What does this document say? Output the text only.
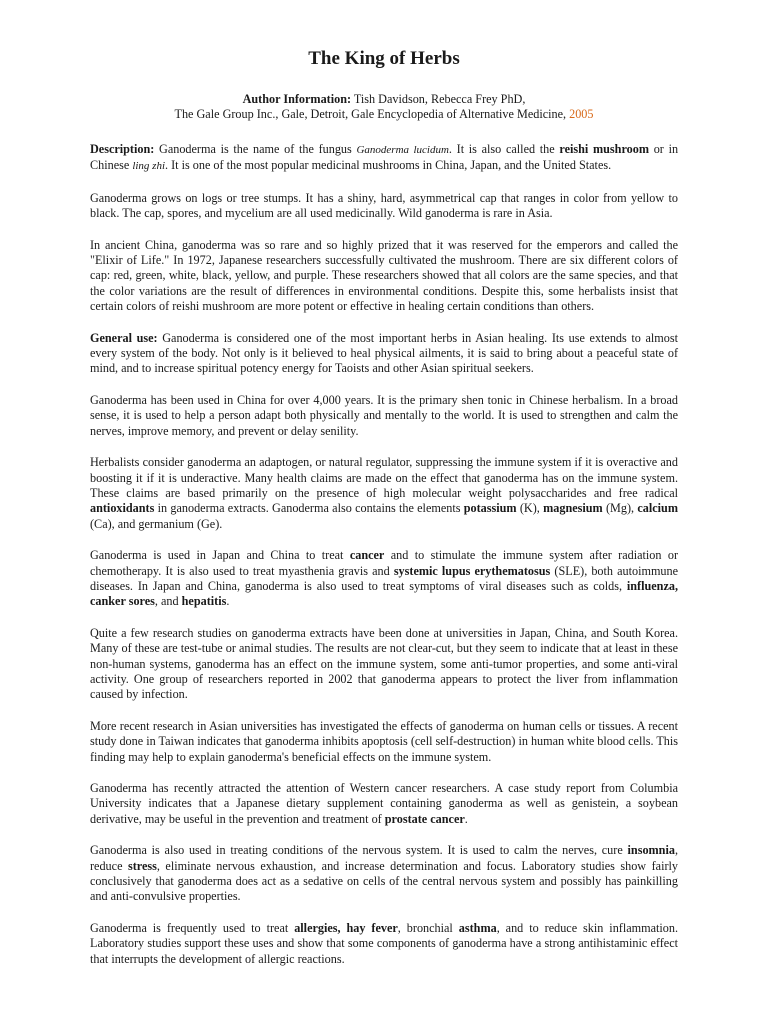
The King of Herbs
Author Information: Tish Davidson, Rebecca Frey PhD,
The Gale Group Inc., Gale, Detroit, Gale Encyclopedia of Alternative Medicine, 2005

Description: Ganoderma is the name of the fungus Ganoderma lucidum. It is also called the reishi mushroom or in Chinese ling zhi. It is one of the most popular medicinal mushrooms in China, Japan, and the United States.

Ganoderma grows on logs or tree stumps. It has a shiny, hard, asymmetrical cap that ranges in color from yellow to black. The cap, spores, and mycelium are all used medicinally. Wild ganoderma is rare in Asia.

In ancient China, ganoderma was so rare and so highly prized that it was reserved for the emperors and called the "Elixir of Life." In 1972, Japanese researchers successfully cultivated the mushroom. There are six different colors of cap: red, green, white, black, yellow, and purple. These researchers showed that all colors are the same species, and that the color variations are the result of differences in environmental conditions. Despite this, some herbalists insist that certain colors of reishi mushroom are more potent or effective in healing certain conditions than others.

General use: Ganoderma is considered one of the most important herbs in Asian healing. Its use extends to almost every system of the body. Not only is it believed to heal physical ailments, it is said to bring about a peaceful state of mind, and to increase spiritual potency energy for Taoists and other Asian spiritual seekers.

Ganoderma has been used in China for over 4,000 years. It is the primary shen tonic in Chinese herbalism. In a broad sense, it is used to help a person adapt both physically and mentally to the world. It is used to strengthen and calm the nerves, improve memory, and prevent or delay senility.

Herbalists consider ganoderma an adaptogen, or natural regulator, suppressing the immune system if it is overactive and boosting it if it is underactive. Many health claims are made on the effect that ganoderma has on the immune system. These claims are based primarily on the presence of high molecular weight polysaccharides and free radical antioxidants in ganoderma extracts. Ganoderma also contains the elements potassium (K), magnesium (Mg), calcium (Ca), and germanium (Ge).

Ganoderma is used in Japan and China to treat cancer and to stimulate the immune system after radiation or chemotherapy. It is also used to treat myasthenia gravis and systemic lupus erythematosus (SLE), both autoimmune diseases. In Japan and China, ganoderma is also used to treat symptoms of viral diseases such as colds, influenza, canker sores, and hepatitis.

Quite a few research studies on ganoderma extracts have been done at universities in Japan, China, and South Korea. Many of these are test-tube or animal studies. The results are not clear-cut, but they seem to indicate that at least in these non-human systems, ganoderma has an effect on the immune system, some anti-tumor properties, and some anti-viral activity. One group of researchers reported in 2002 that ganoderma appears to protect the liver from inflammation caused by infection.

More recent research in Asian universities has investigated the effects of ganoderma on human cells or tissues. A recent study done in Taiwan indicates that ganoderma inhibits apoptosis (cell self-destruction) in human white blood cells. This finding may help to explain ganoderma's beneficial effects on the immune system.

Ganoderma has recently attracted the attention of Western cancer researchers. A case study report from Columbia University indicates that a Japanese dietary supplement containing ganoderma as well as genistein, a soybean derivative, may be useful in the prevention and treatment of prostate cancer.

Ganoderma is also used in treating conditions of the nervous system. It is used to calm the nerves, cure insomnia, reduce stress, eliminate nervous exhaustion, and increase determination and focus. Laboratory studies show fairly conclusively that ganoderma does act as a sedative on cells of the central nervous system and possibly has painkilling and anti-convulsive properties.

Ganoderma is frequently used to treat allergies, hay fever, bronchial asthma, and to reduce skin inflammation. Laboratory studies support these uses and show that some components of ganoderma have a strong antihistaminic effect that interrupts the development of allergic reactions.
